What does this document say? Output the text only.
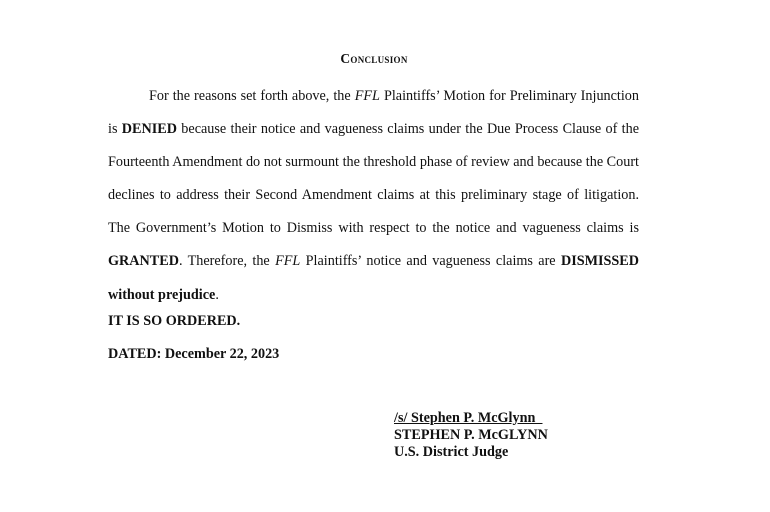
Conclusion

For the reasons set forth above, the FFL Plaintiffs’ Motion for Preliminary Injunction is DENIED because their notice and vagueness claims under the Due Process Clause of the Fourteenth Amendment do not surmount the threshold phase of review and because the Court declines to address their Second Amendment claims at this preliminary stage of litigation. The Government’s Motion to Dismiss with respect to the notice and vagueness claims is GRANTED. Therefore, the FFL Plaintiffs’ notice and vagueness claims are DISMISSED without prejudice.

IT IS SO ORDERED.
DATED: December 22, 2023
/s/ Stephen P. McGlynn
STEPHEN P. McGLYNN
U.S. District Judge
